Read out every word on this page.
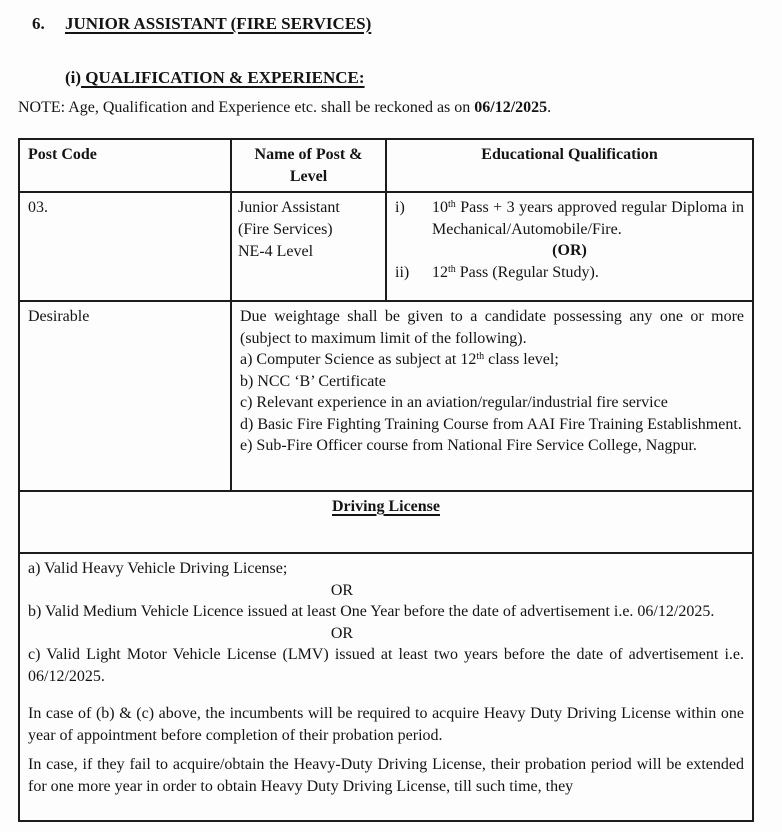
6.	JUNIOR ASSISTANT (FIRE SERVICES)
(i) QUALIFICATION & EXPERIENCE:
NOTE: Age, Qualification and Experience etc. shall be reckoned as on 06/12/2025.
Post Code	Name of Post & Level	Educational Qualification
03.	Junior Assistant
(Fire Services)
NE-4 Level

i)	10th Pass + 3 years approved regular Diploma in Mechanical/Automobile/Fire.
(OR)
ii)	12th Pass (Regular Study).

Desirable	Due weightage shall be given to a candidate possessing any one or more (subject to maximum limit of the following).
a) Computer Science as subject at 12th class level;
b) NCC ‘B’ Certificate
c) Relevant experience in an aviation/regular/industrial fire service
d) Basic Fire Fighting Training Course from AAI Fire Training Establishment.
e) Sub-Fire Officer course from National Fire Service College, Nagpur.

Driving License		

a) Valid Heavy Vehicle Driving License;
OR
b) Valid Medium Vehicle Licence issued at least One Year before the date of advertisement i.e. 06/12/2025.
OR
c) Valid Light Motor Vehicle License (LMV) issued at least two years before the date of advertisement i.e. 06/12/2025.
In case of (b) & (c) above, the incumbents will be required to acquire Heavy Duty Driving License within one year of appointment before completion of their probation period.
In case, if they fail to acquire/obtain the Heavy-Duty Driving License, their probation period will be extended for one more year in order to obtain Heavy Duty Driving License, till such time, they
